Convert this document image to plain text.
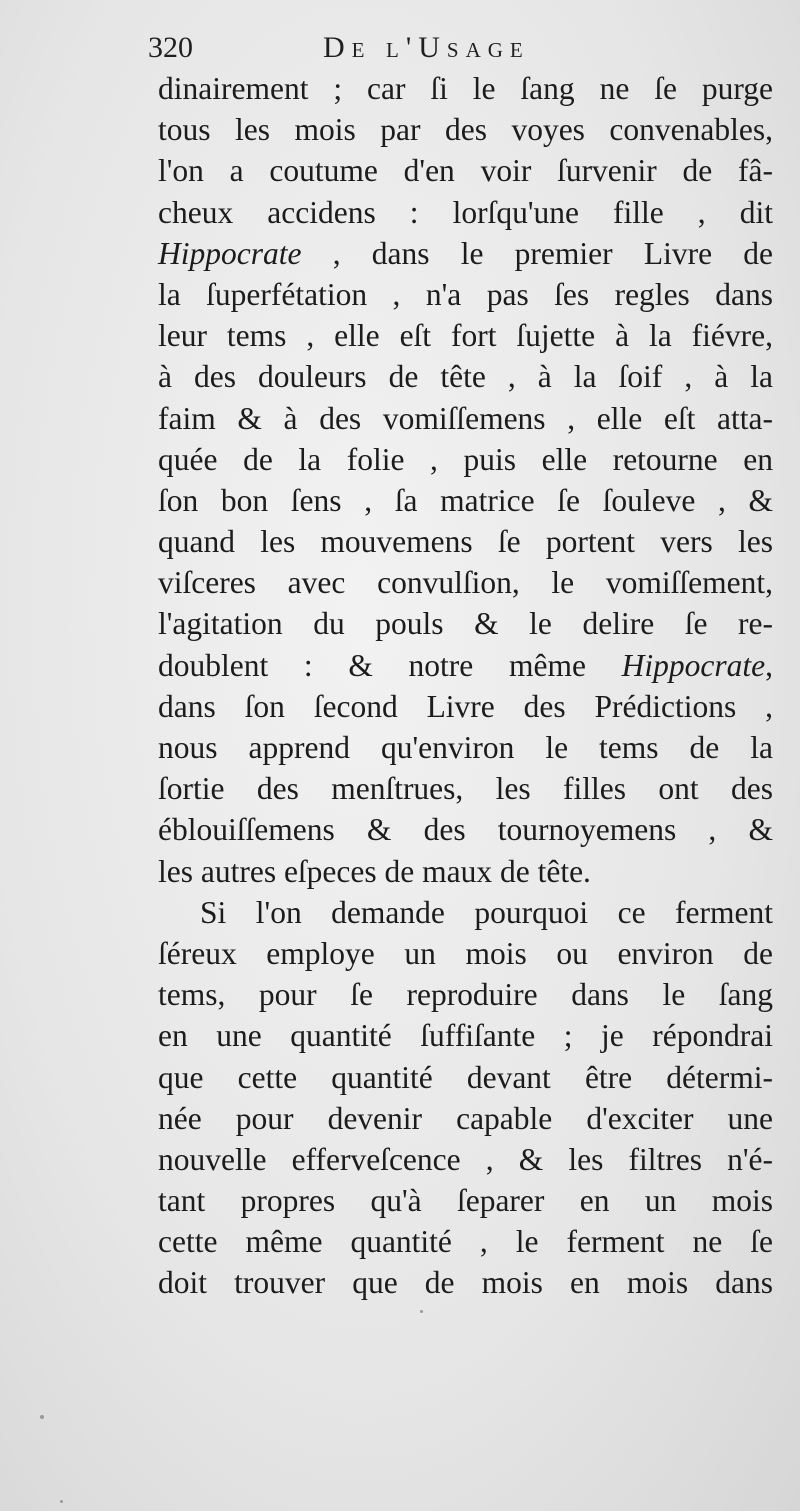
320	De l'Usage
dinairement ; car ſi le ſang ne ſe purge
tous les mois par des voyes convenables,
l'on a coutume d'en voir ſurvenir de fâ-
cheux accidens : lorſqu'une fille , dit
Hippocrate , dans le premier Livre de
la ſuperfétation , n'a pas ſes regles dans
leur tems , elle eſt fort ſujette à la fiévre,
à des douleurs de tête , à la ſoif , à la
faim & à des vomiſſemens , elle eſt atta-
quée de la folie , puis elle retourne en
ſon bon ſens , ſa matrice ſe ſouleve , &
quand les mouvemens ſe portent vers les
viſceres avec convulſion, le vomiſſement,
l'agitation du pouls & le delire ſe re-
doublent : & notre même Hippocrate,
dans ſon ſecond Livre des Prédictions ,
nous apprend qu'environ le tems de la
ſortie des menſtrues, les filles ont des
éblouiſſemens & des tournoyemens , &
les autres eſpeces de maux de tête.
Si l'on demande pourquoi ce ferment
ſéreux employe un mois ou environ de
tems, pour ſe reproduire dans le ſang
en une quantité ſuffiſante ; je répondrai
que cette quantité devant être détermi-
née pour devenir capable d'exciter une
nouvelle efferveſcence , & les filtres n'é-
tant propres qu'à ſeparer en un mois
cette même quantité , le ferment ne ſe
doit trouver que de mois en mois dans
